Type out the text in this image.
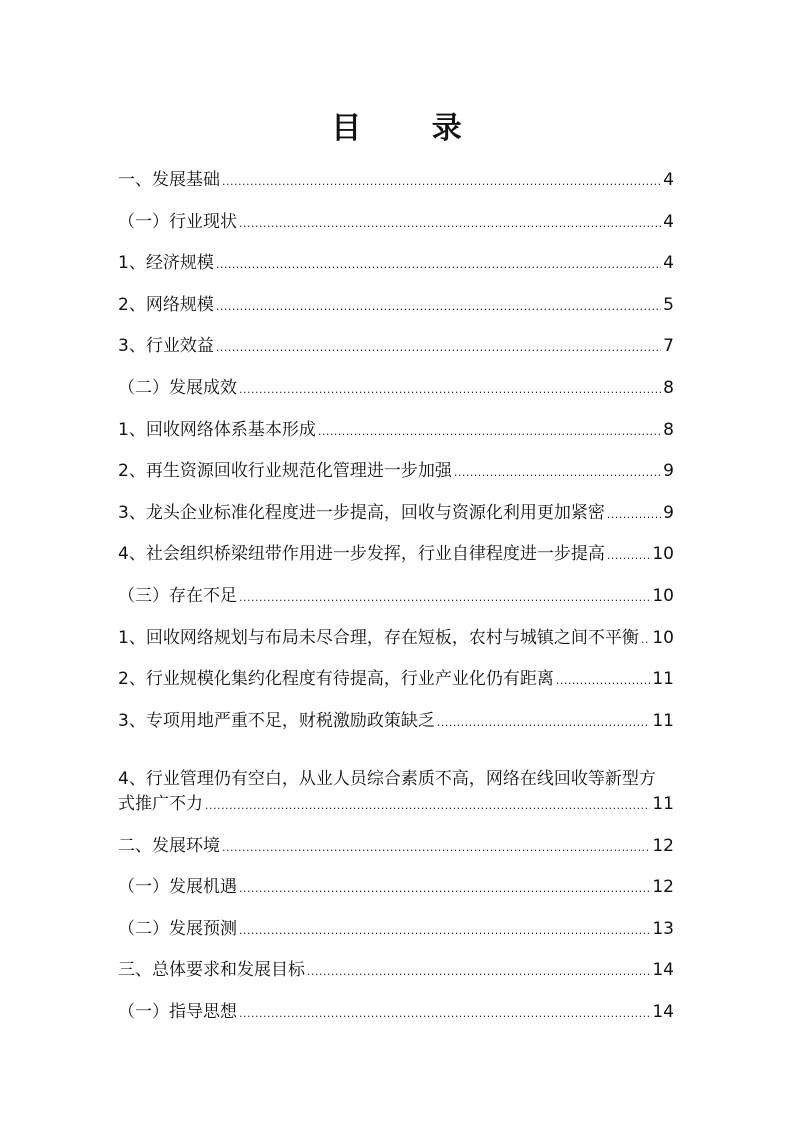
目 录
一、发展基础 .....	4
（一）行业现状 .....	4
1、经济规模 .....	4
2、网络规模 .....	5
3、行业效益 .....	7
（二）发展成效 .....	8
1、回收网络体系基本形成 .....	8
2、再生资源回收行业规范化管理进一步加强 .....	9
3、龙头企业标准化程度进一步提高，回收与资源化利用更加紧密 .....	9
4、社会组织桥梁纽带作用进一步发挥，行业自律程度进一步提高 .....	10
（三）存在不足 .....	10
1、回收网络规划与布局未尽合理，存在短板，农村与城镇之间不平衡 ..... 10
2、行业规模化集约化程度有待提高，行业产业化仍有距离 .....	11
3、专项用地严重不足，财税激励政策缺乏 .....	11
4、行业管理仍有空白，从业人员综合素质不高，网络在线回收等新型方
式推广不力 .....	11
二、发展环境 .....	12
（一）发展机遇 .....	12
（二）发展预测 .....	13
三、总体要求和发展目标 .....	14
（一）指导思想 .....	14
